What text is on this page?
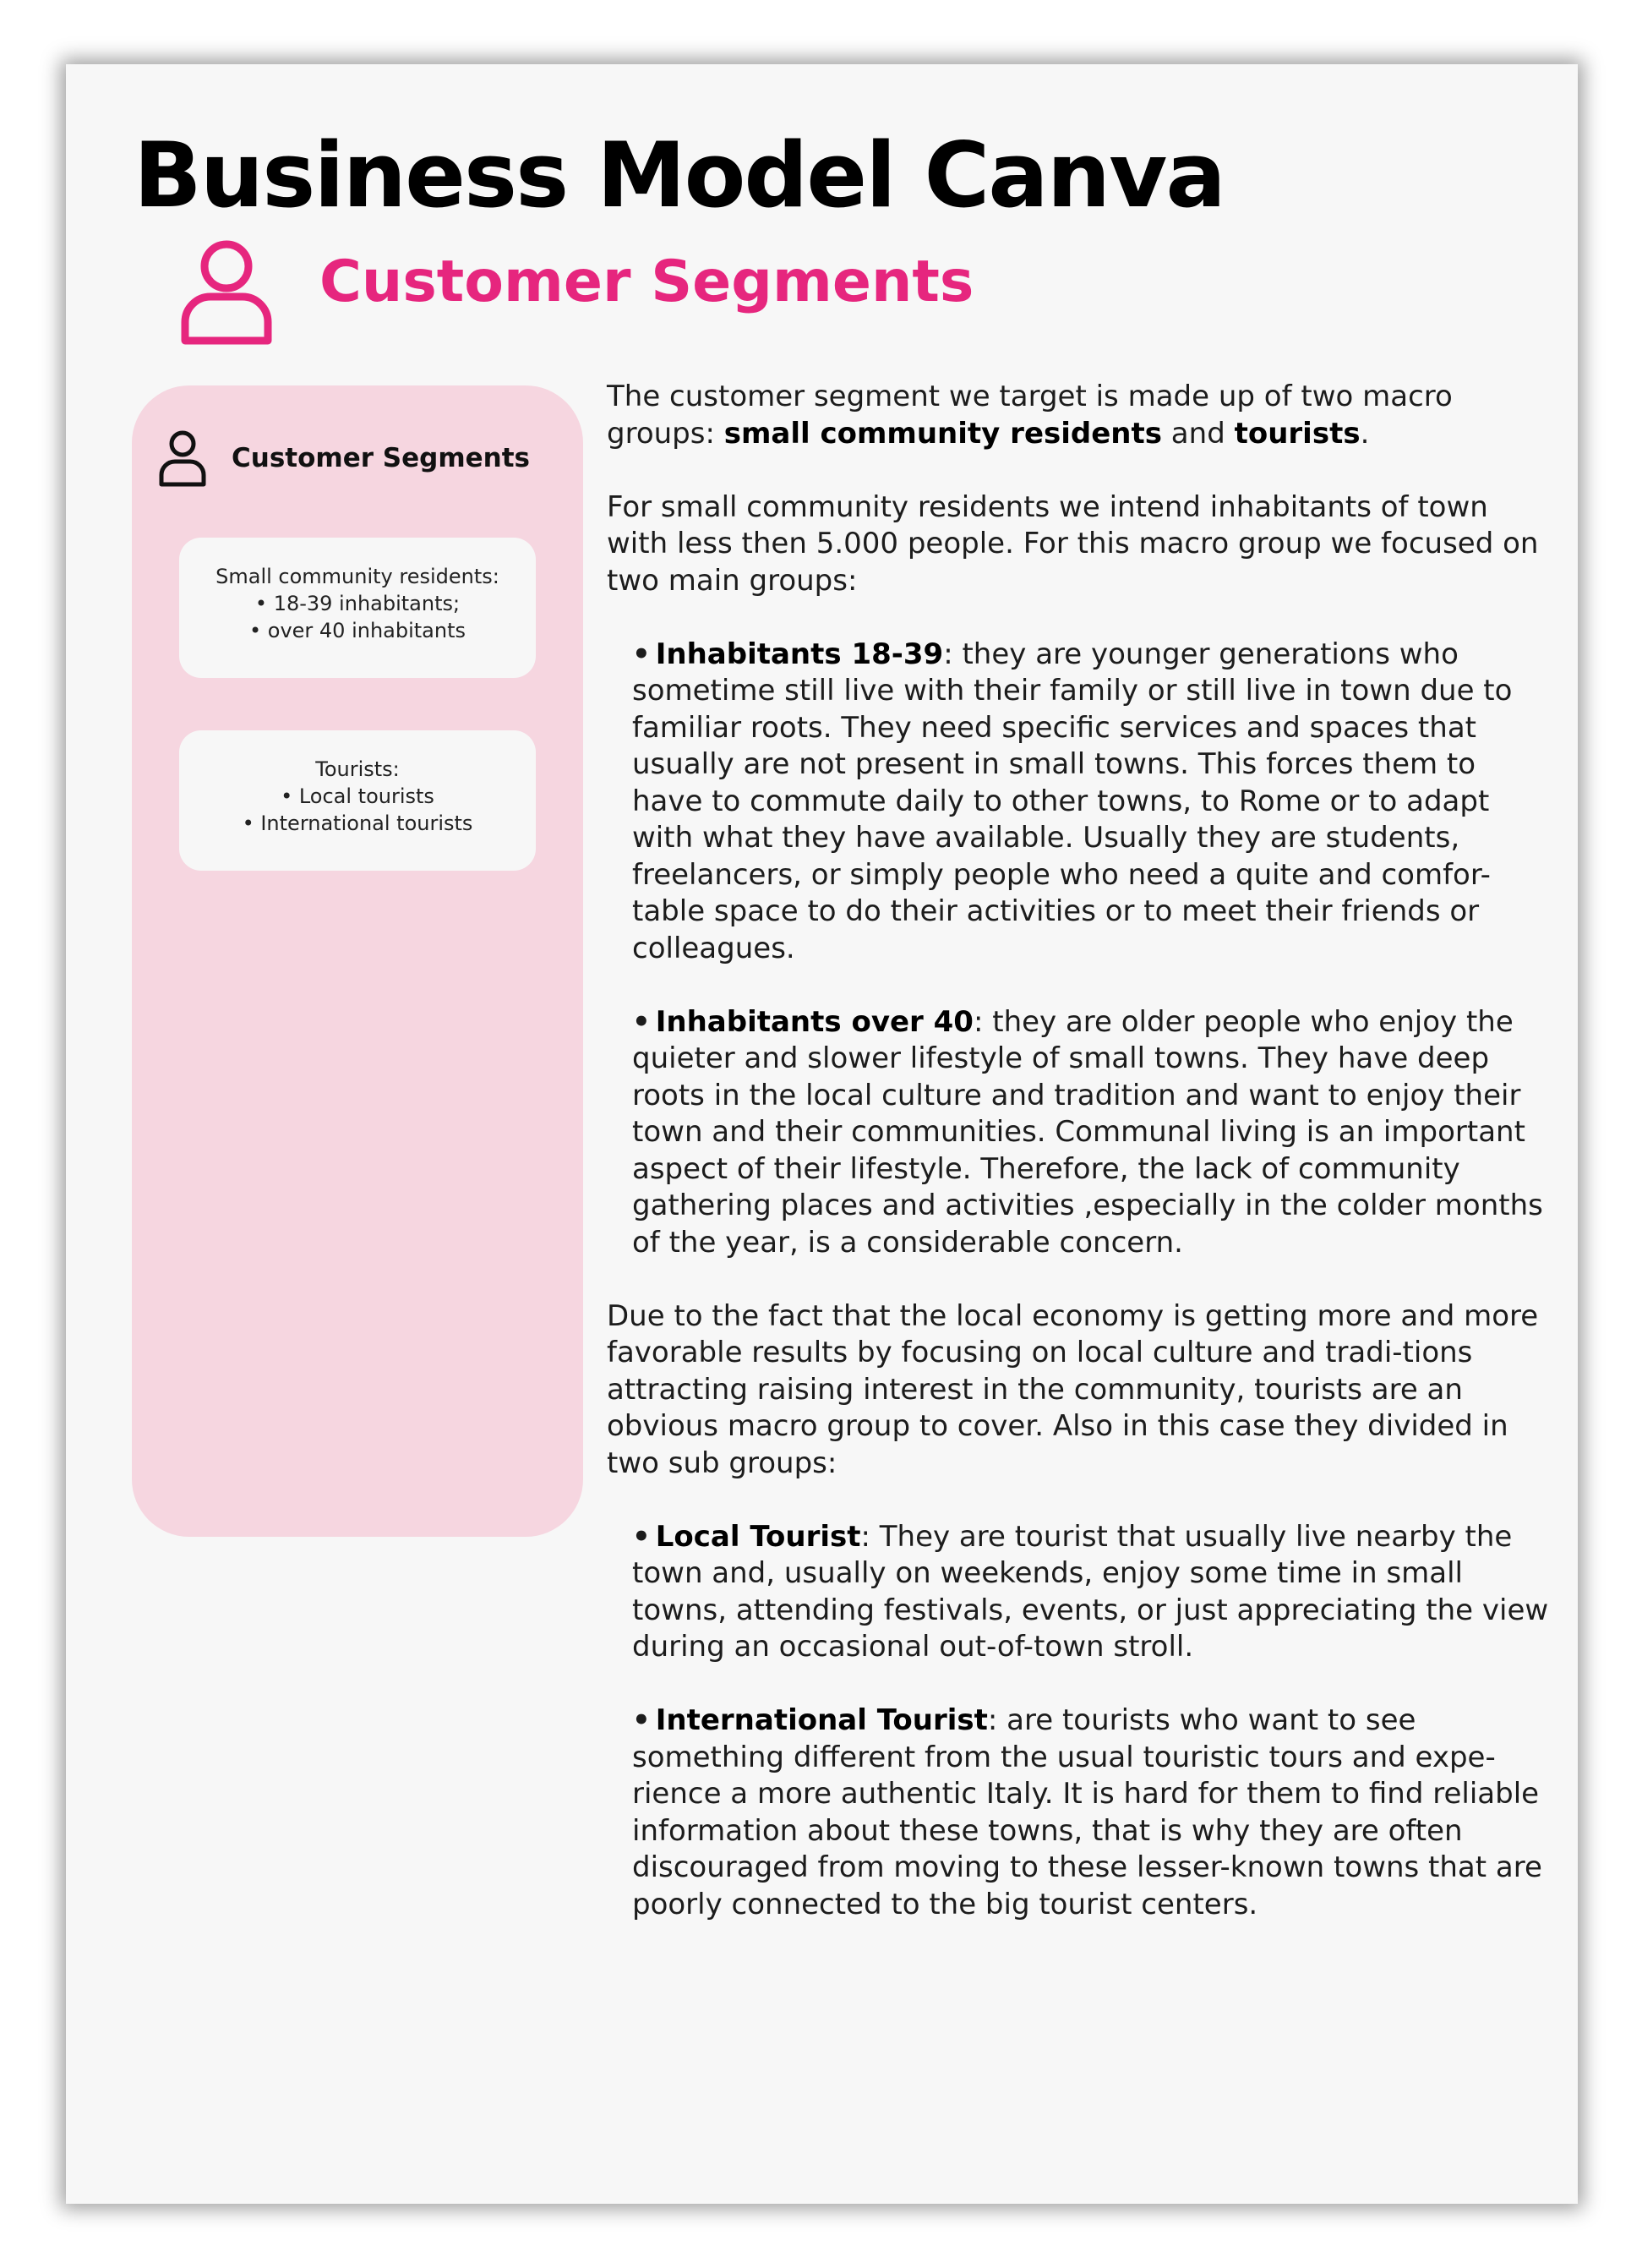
Business Model Canva
Customer Segments
Customer Segments
Small community residents:
• 18-39 inhabitants;
• over 40 inhabitants
Tourists:
• Local tourists
• International tourists

The customer segment we target is made up of two macro groups: small community residents and tourists.

For small community residents we intend inhabitants of town with less then 5.000 people. For this macro group we focused on two main groups:

• Inhabitants 18-39: they are younger generations who sometime still live with their family or still live in town due to familiar roots. They need specific services and spaces that usually are not present in small towns. This forces them to have to commute daily to other towns, to Rome or to adapt with what they have available. Usually they are students, freelancers, or simply people who need a quite and comfor-table space to do their activities or to meet their friends or colleagues.
• Inhabitants over 40: they are older people who enjoy the quieter and slower lifestyle of small towns. They have deep roots in the local culture and tradition and want to enjoy their town and their communities. Communal living is an important aspect of their lifestyle. Therefore, the lack of community gathering places and activities ,especially in the colder months of the year, is a considerable concern.

Due to the fact that the local economy is getting more and more favorable results by focusing on local culture and tradi-tions attracting raising interest in the community, tourists are an obvious macro group to cover. Also in this case they divided in two sub groups:

• Local Tourist: They are tourist that usually live nearby the town and, usually on weekends, enjoy some time in small towns, attending festivals, events, or just appreciating the view during an occasional out-of-town stroll.
• International Tourist: are tourists who want to see something different from the usual touristic tours and expe-rience a more authentic Italy. It is hard for them to find reliable information about these towns, that is why they are often discouraged from moving to these lesser-known towns that are poorly connected to the big tourist centers.
